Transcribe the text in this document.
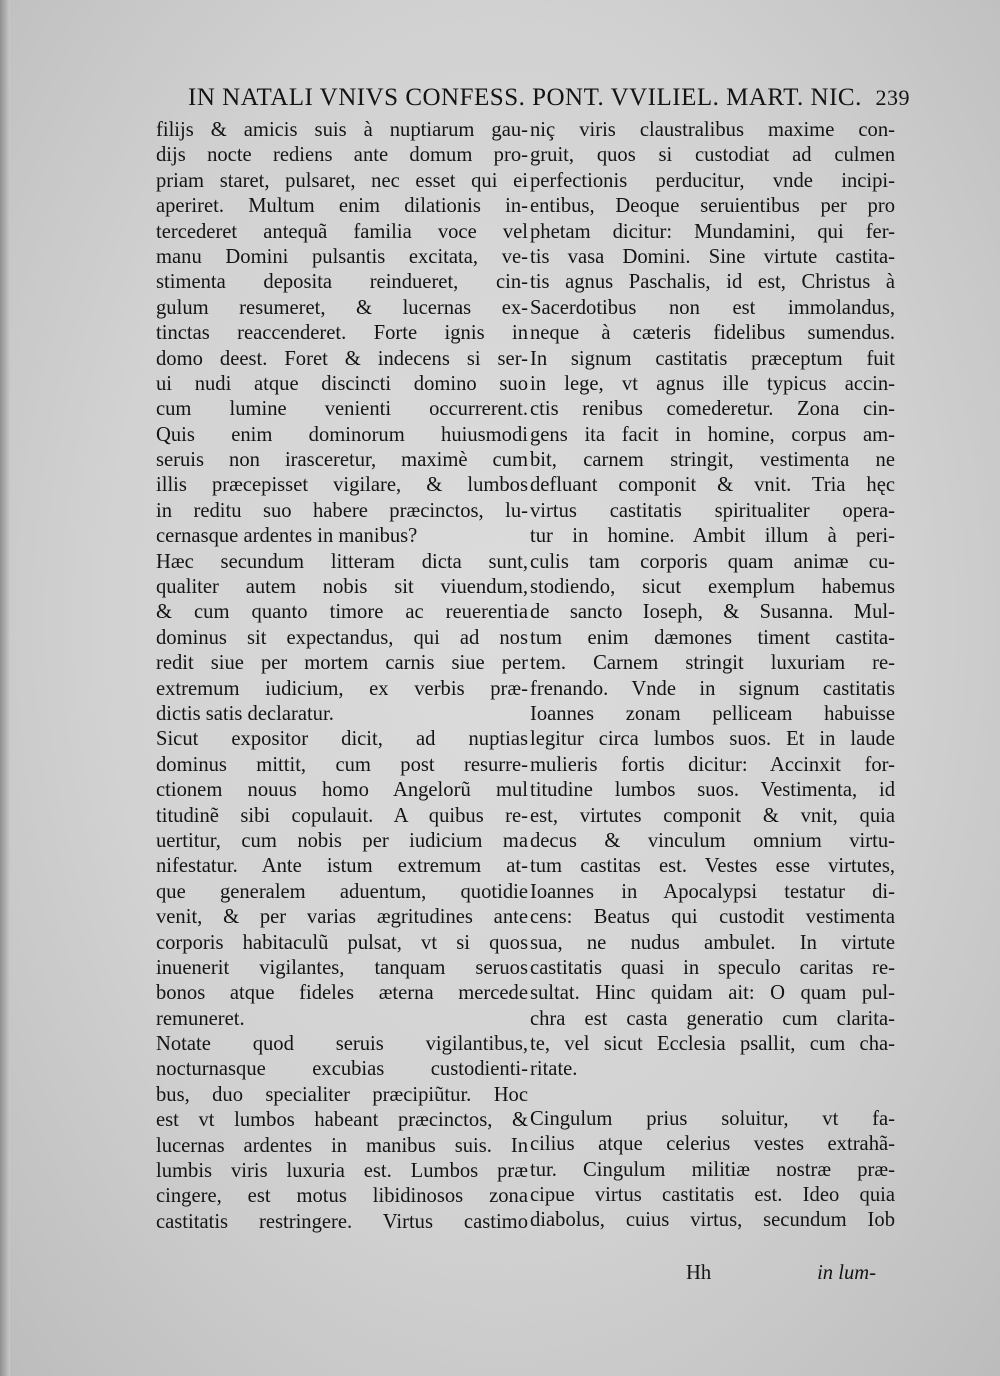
IN NATALI VNIVS CONFESS. PONT. VVILIEL. MART. NIC. 239
filijs & amicis suis à nuptiarum gau-
dijs nocte rediens ante domum pro-
priam staret, pulsaret, nec esset qui ei
aperiret. Multum enim dilationis in-
tercederet antequã familia voce vel
manu Domini pulsantis excitata, ve-
stimenta deposita reindueret, cin-
gulum resumeret, & lucernas ex-
tinctas reaccenderet. Forte ignis in
domo deest. Foret & indecens si ser-
ui nudi atque discincti domino suo
cum lumine venienti occurrerent.
Quis enim dominorum huiusmodi
seruis non irasceretur, maximè cum
illis præcepisset vigilare, & lumbos
in reditu suo habere præcinctos, lu-
cernasque ardentes in manibus?
Hæc secundum litteram dicta sunt,
qualiter autem nobis sit viuendum,
& cum quanto timore ac reuerentia
dominus sit expectandus, qui ad nos
redit siue per mortem carnis siue per
extremum iudicium, ex verbis præ-
dictis satis declaratur.
Sicut expositor dicit, ad nuptias
dominus mittit, cum post resurre-
ctionem nouus homo Angelorũ mul
titudinẽ sibi copulauit. A quibus re-
uertitur, cum nobis per iudicium ma
nifestatur. Ante istum extremum at-
que generalem aduentum, quotidie
venit, & per varias ægritudines ante
corporis habitaculũ pulsat, vt si quos
inuenerit vigilantes, tanquam seruos
bonos atque fideles æterna mercede
remuneret.
Notate quod seruis vigilantibus,
nocturnasque excubias custodienti-
bus, duo specialiter præcipiũtur. Hoc
est vt lumbos habeant præcinctos, &
lucernas ardentes in manibus suis. In
lumbis viris luxuria est. Lumbos præ
cingere, est motus libidinosos zona
castitatis restringere. Virtus castimo
niç viris claustralibus maxime con-
gruit, quos si custodiat ad culmen
perfectionis perducitur, vnde incipi-
entibus, Deoque seruientibus per pro
phetam dicitur: Mundamini, qui fer-
tis vasa Domini. Sine virtute castita-
tis agnus Paschalis, id est, Christus à
Sacerdotibus non est immolandus,
neque à cæteris fidelibus sumendus.
In signum castitatis præceptum fuit
in lege, vt agnus ille typicus accin-
ctis renibus comederetur. Zona cin-
gens ita facit in homine, corpus am-
bit, carnem stringit, vestimenta ne
defluant componit & vnit. Tria hęc
virtus castitatis spiritualiter opera-
tur in homine. Ambit illum à peri-
culis tam corporis quam animæ cu-
stodiendo, sicut exemplum habemus
de sancto Ioseph, & Susanna. Mul-
tum enim dæmones timent castita-
tem. Carnem stringit luxuriam re-
frenando. Vnde in signum castitatis
Ioannes zonam pelliceam habuisse
legitur circa lumbos suos. Et in laude
mulieris fortis dicitur: Accinxit for-
titudine lumbos suos. Vestimenta, id
est, virtutes componit & vnit, quia
decus & vinculum omnium virtu-
tum castitas est. Vestes esse virtutes,
Ioannes in Apocalypsi testatur di-
cens: Beatus qui custodit vestimenta
sua, ne nudus ambulet. In virtute
castitatis quasi in speculo caritas re-
sultat. Hinc quidam ait: O quam pul-
chra est casta generatio cum clarita-
te, vel sicut Ecclesia psallit, cum cha-
ritate.
Cingulum prius soluitur, vt fa-
cilius atque celerius vestes extrahã-
tur. Cingulum militiæ nostræ præ-
cipue virtus castitatis est. Ideo quia
diabolus, cuius virtus, secundum Iob
Hh	in lum-
